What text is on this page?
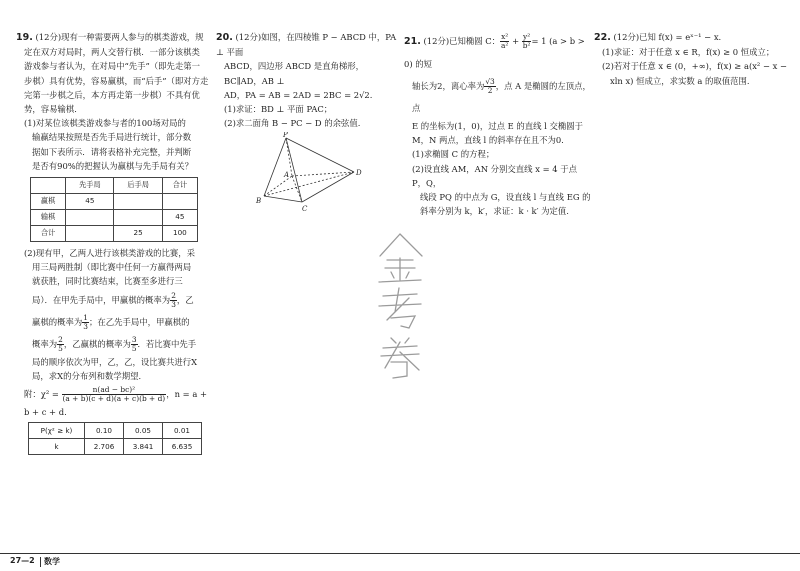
19. (12分)现有一种需要两人参与的棋类游戏，规

定在双方对局时，两人交替行棋．一部分该棋类

游戏参与者认为，在对局中“先手”（即先走第一

步棋）具有优势，容易赢棋，而“后手”（即对方走

完第一步棋之后，本方再走第一步棋）不具有优

势，容易输棋．

(1)对某位该棋类游戏参与者的100场对局的

输赢结果按照是否先手局进行统计，部分数

据如下表所示．请将表格补充完整，并判断

是否有90%的把握认为赢棋与先手局有关？

	先手局	后手局	合计
赢棋	45		
输棋			45
合计		25	100

(2)现有甲，乙两人进行该棋类游戏的比赛，采

用三局两胜制（即比赛中任何一方赢得两局

就获胜，同时比赛结束，比赛至多进行三

局）．在甲先手局中，甲赢棋的概率为 $\frac{2}{3}$ ，乙

赢棋的概率为 $\frac{1}{3}$ ；在乙先手局中，甲赢棋的

概率为 $\frac{2}{5}$ ，乙赢棋的概率为 $\frac{3}{5}$ ．若比赛中先手

局的顺序依次为甲，乙，乙，设比赛共进行X

局，求X的分布列和数学期望．

附：$\chi^2 = \frac{\text{n(ad − bc)²}}{(a + b)(c + d)(a + c)(b + d)}$ ，n = a +

b + c + d.

P(χ² ≥ k)	0.10	0.05	0.01
k	2.706	3.841	6.635

20. (12分)如图，在四棱锥 P − ABCD 中，PA ⊥ 平面

ABCD，四边形 ABCD 是直角梯形，BC∥AD，AB ⊥

AD，PA = AB = 2AD = 2BC = 2√2.

(1)求证：BD ⊥ 平面 PAC；

(2)求二面角 B − PC − D 的余弦值.

P
A	D
B
C

21. (12分)已知椭圆 C： $\frac{\text{x²}}{\text{a²}} + \frac{\text{y²}}{\text{b²}} = 1$ (a > b > 0) 的短

轴长为2，离心率为 $\frac{√3}{2}$ ，点 A 是椭圆的左顶点，点

E 的坐标为(1，0)，过点 E 的直线 l 交椭圆于

M，N 两点，直线 l 的斜率存在且不为0.

(1)求椭圆 C 的方程；

(2)设直线 AM，AN 分别交直线 x = 4 于点 P，Q，

线段 PQ 的中点为 G，设直线 l 与直线 EG 的

斜率分别为 k，k′，求证：k · k′ 为定值.

22. (12分)已知 f(x) = eˣ⁻¹ − x.

(1)求证：对于任意 x ∈ R，f(x) ≥ 0 恒成立；

(2)若对于任意 x ∈ (0，+∞)，f(x) ≥ a(x² − x −

xln x) 恒成立，求实数 a 的取值范围.

27—2 数学
